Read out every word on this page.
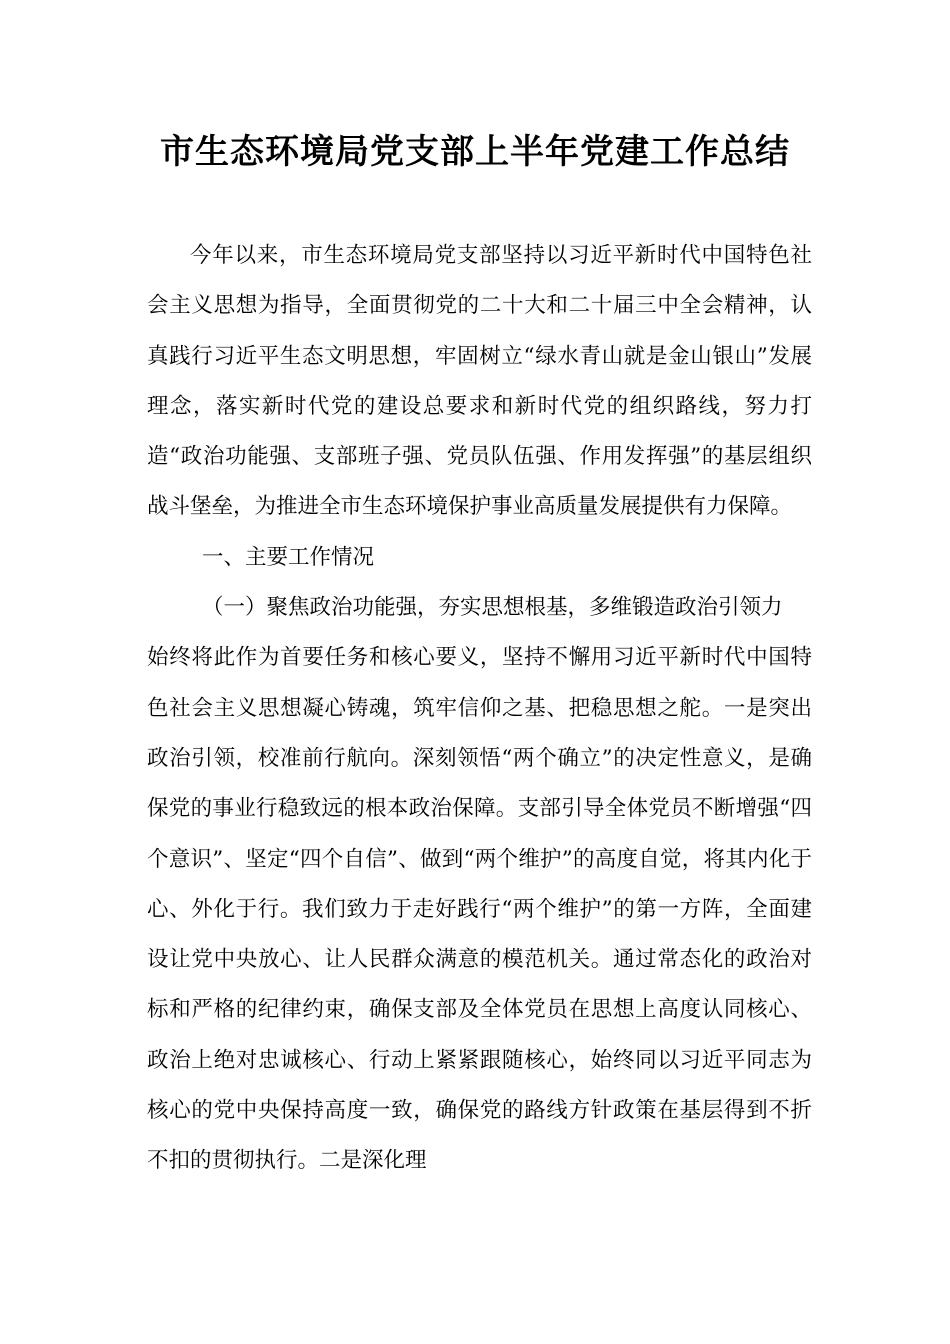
市生态环境局党支部上半年党建工作总结

今年以来，市生态环境局党支部坚持以习近平新时代中国特色社会主义思想为指导，全面贯彻党的二十大和二十届三中全会精神，认真践行习近平生态文明思想，牢固树立“绿水青山就是金山银山”发展理念，落实新时代党的建设总要求和新时代党的组织路线，努力打造“政治功能强、支部班子强、党员队伍强、作用发挥强”的基层组织战斗堡垒，为推进全市生态环境保护事业高质量发展提供有力保障。

一、主要工作情况

（一）聚焦政治功能强，夯实思想根基，多维锻造政治引领力

始终将此作为首要任务和核心要义，坚持不懈用习近平新时代中国特色社会主义思想凝心铸魂，筑牢信仰之基、把稳思想之舵。一是突出政治引领，校准前行航向。深刻领悟“两个确立”的决定性意义，是确保党的事业行稳致远的根本政治保障。支部引导全体党员不断增强“四个意识”、坚定“四个自信”、做到“两个维护”的高度自觉，将其内化于心、外化于行。我们致力于走好践行“两个维护”的第一方阵，全面建设让党中央放心、让人民群众满意的模范机关。通过常态化的政治对标和严格的纪律约束，确保支部及全体党员在思想上高度认同核心、政治上绝对忠诚核心、行动上紧紧跟随核心，始终同以习近平同志为核心的党中央保持高度一致，确保党的路线方针政策在基层得到不折不扣的贯彻执行。二是深化理
